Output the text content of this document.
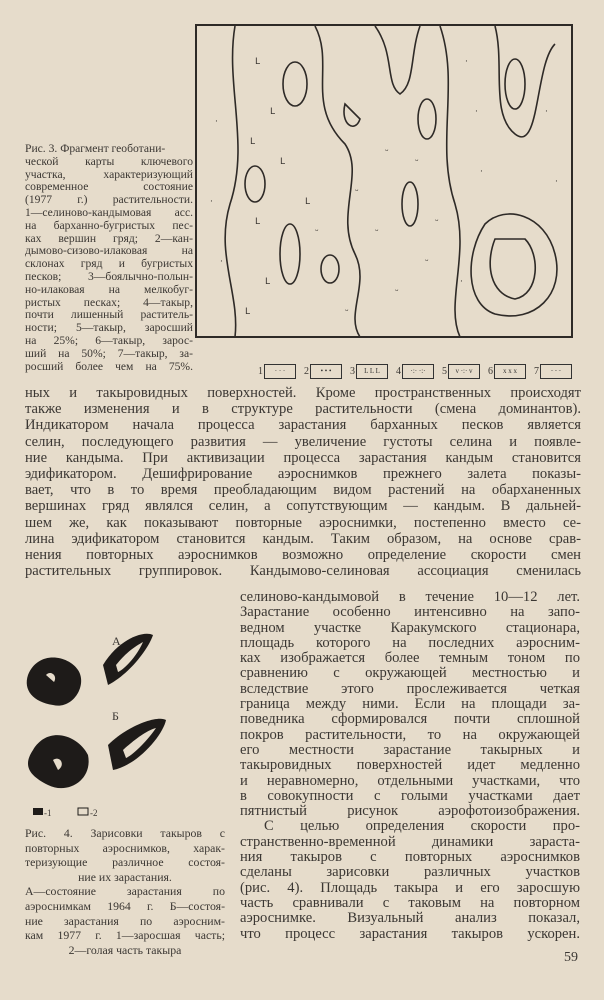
Рис. 3. Фрагмент геоботани-
ческой карты ключевого
участка, характеризующий
современное состояние
(1977 г.) растительности.
1—селиново-кандымовая асс.
на барханно-бугристых пес-
ках вершин гряд; 2—кан-
дымово-сизово-илаковая на
склонах гряд и бугристых
песков; 3—боялычно-полын-
но-илаковая на мелкобуг-
ристых песках; 4—такыр,
почти лишенный раститель-
ности; 5—такыр, заросший
на 25%; 6—такыр, зарос-
ший на 50%; 7—такыр, за-
росший более чем на 75%.
L
L
L
L
L
L
L
L
ᵕ
ᵕ
ᵕ
ᵕ
ᵕ
ᵕ
ᵕ
ᵕ
ᵕ
·
·
·
·
·
·
·
·
·
1	· · ·	2	• • •	3	L L L	4	·:· ·:·	5	v ·:· v	6	x x x	7	ᵕ ᵕ ᵕ
ных и такыровидных поверхностей. Кроме пространственных происходят
также изменения и в структуре растительности (смена доминантов).
Индикатором начала процесса зарастания барханных песков является
селин, последующего развития — увеличение густоты селина и появле-
ние кандыма. При активизации процесса зарастания кандым становится
эдификатором. Дешифрирование аэроснимков прежнего залета показы-
вает, что в то время преобладающим видом растений на обарханенных
вершинах гряд являлся селин, а сопутствующим — кандым. В дальней-
шем же, как показывают повторные аэроснимки, постепенно вместо се-
лина эдификатором становится кандым. Таким образом, на основе срав-
нения повторных аэроснимков возможно определение скорости смен
растительных группировок. Кандымово-селиновая ассоциация сменилась
А
Б
-1	-2
Рис. 4. Зарисовки такыров с
повторных аэроснимков, харак-
теризующие различное состоя-
ние их зарастания.
А—состояние зарастания по
аэроснимкам 1964 г. Б—состоя-
ние зарастания по аэросним-
кам 1977 г. 1—заросшая часть;
2—голая часть такыра
селиново-кандымовой в течение 10—12 лет.
Зарастание особенно интенсивно на запо-
ведном участке Каракумского стационара,
площадь которого на последних аэросним-
ках изображается более темным тоном по
сравнению с окружающей местностью и
вследствие этого прослеживается четкая
граница между ними. Если на площади за-
поведника сформировался почти сплошной
покров растительности, то на окружающей
его местности зарастание такырных и
такыровидных поверхностей идет медленно
и неравномерно, отдельными участками, что
в совокупности с голыми участками дает
пятнистый рисунок аэрофотоизображения.
С целью определения скорости про-
странственно-временной динамики зараста-
ния такыров с повторных аэроснимков
сделаны зарисовки различных участков
(рис. 4). Площадь такыра и его заросшую
часть сравнивали с таковым на повторном
аэроснимке. Визуальный анализ показал,
что процесс зарастания такыров ускорен.
59
